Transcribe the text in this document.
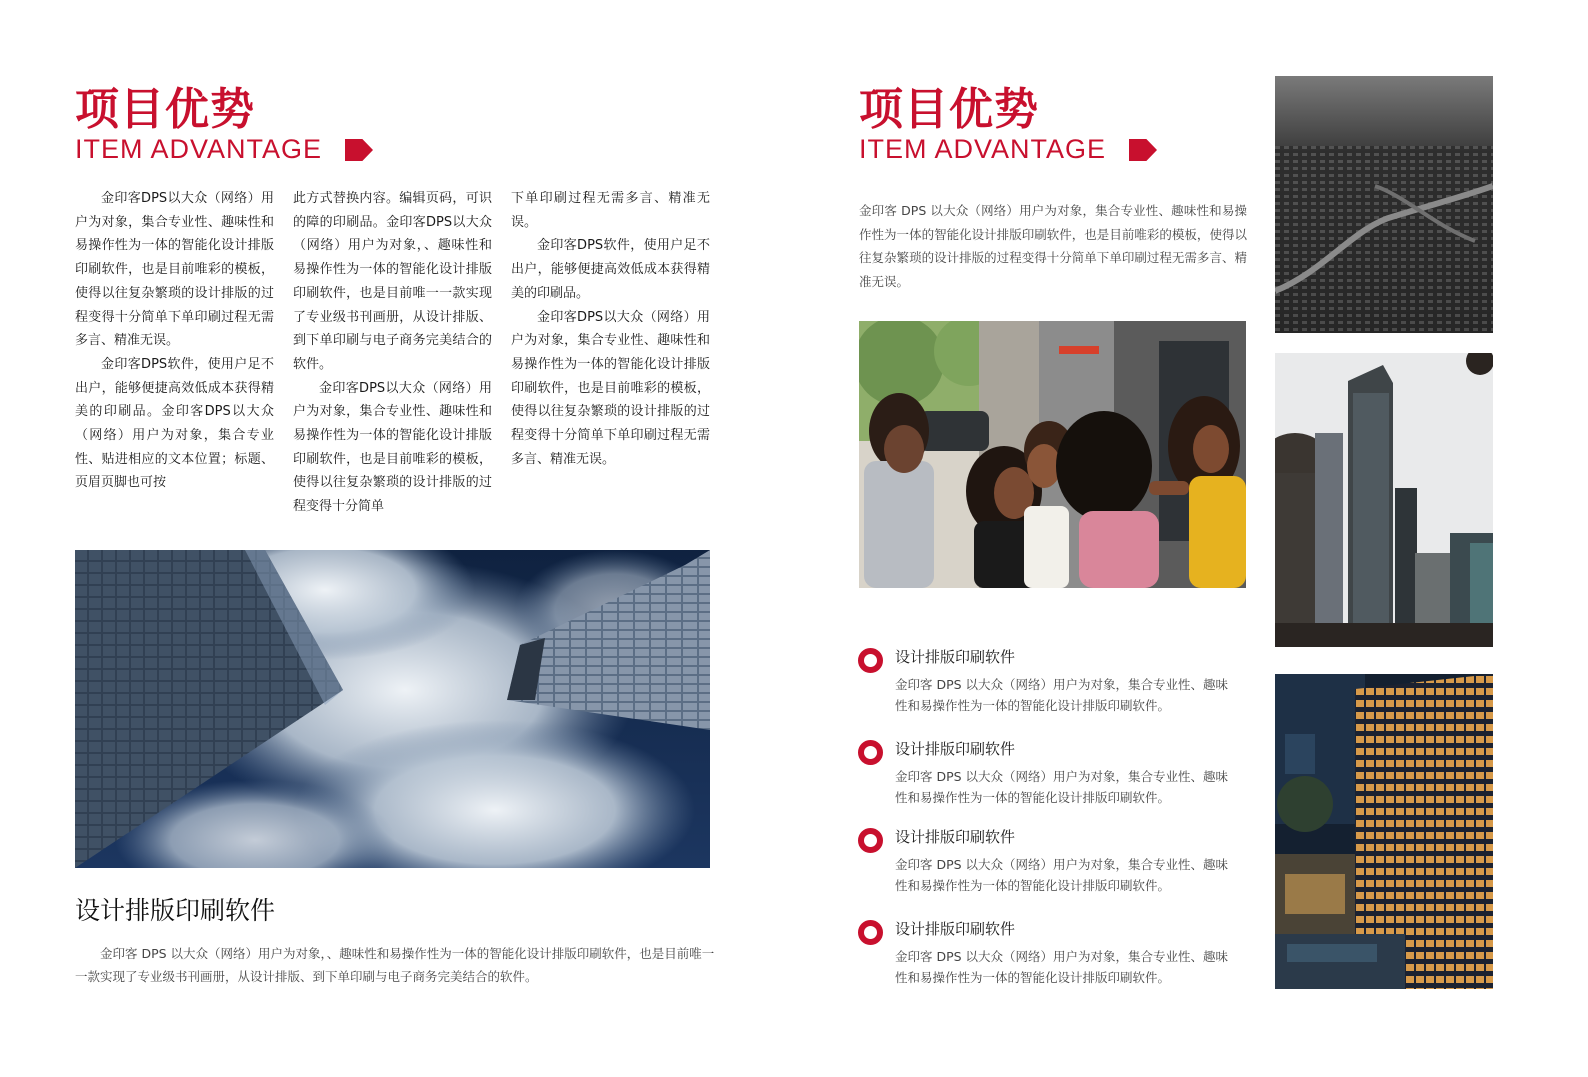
项目优势
ITEM ADVANTAGE

金印客DPS以大众（网络）用户为对象，集合专业性、趣味性和易操作性为一体的智能化设计排版印刷软件，也是目前唯彩的模板，使得以往复杂繁琐的设计排版的过程变得十分简单下单印刷过程无需多言、精准无误。

金印客DPS软件，使用户足不出户，能够便捷高效低成本获得精美的印刷品。金印客DPS以大众（网络）用户为对象，集合专业性、贴进相应的文本位置；标题、页眉页脚也可按

此方式替换内容。编辑页码，可识的障的印刷品。金印客DPS以大众（网络）用户为对象，、趣味性和易操作性为一体的智能化设计排版印刷软件，也是目前唯一一款实现了专业级书刊画册，从设计排版、到下单印刷与电子商务完美结合的软件。

金印客DPS以大众（网络）用户为对象，集合专业性、趣味性和易操作性为一体的智能化设计排版印刷软件，也是目前唯彩的模板，使得以往复杂繁琐的设计排版的过程变得十分简单

下单印刷过程无需多言、精准无误。

金印客DPS软件，使用户足不出户，能够便捷高效低成本获得精美的印刷品。

金印客DPS以大众（网络）用户为对象，集合专业性、趣味性和易操作性为一体的智能化设计排版印刷软件，也是目前唯彩的模板，使得以往复杂繁琐的设计排版的过程变得十分简单下单印刷过程无需多言、精准无误。

设计排版印刷软件
金印客 DPS 以大众（网络）用户为对象，、趣味性和易操作性为一体的智能化设计排版印刷软件，也是目前唯一一款实现了专业级书刊画册，从设计排版、到下单印刷与电子商务完美结合的软件。
项目优势
ITEM ADVANTAGE
金印客 DPS 以大众（网络）用户为对象，集合专业性、趣味性和易操作性为一体的智能化设计排版印刷软件，也是目前唯彩的模板，使得以往复杂繁琐的设计排版的过程变得十分简单下单印刷过程无需多言、精准无误。
设计排版印刷软件
金印客 DPS 以大众（网络）用户为对象，集合专业性、趣味性和易操作性为一体的智能化设计排版印刷软件。
设计排版印刷软件
金印客 DPS 以大众（网络）用户为对象，集合专业性、趣味性和易操作性为一体的智能化设计排版印刷软件。
设计排版印刷软件
金印客 DPS 以大众（网络）用户为对象，集合专业性、趣味性和易操作性为一体的智能化设计排版印刷软件。
设计排版印刷软件
金印客 DPS 以大众（网络）用户为对象，集合专业性、趣味性和易操作性为一体的智能化设计排版印刷软件。
